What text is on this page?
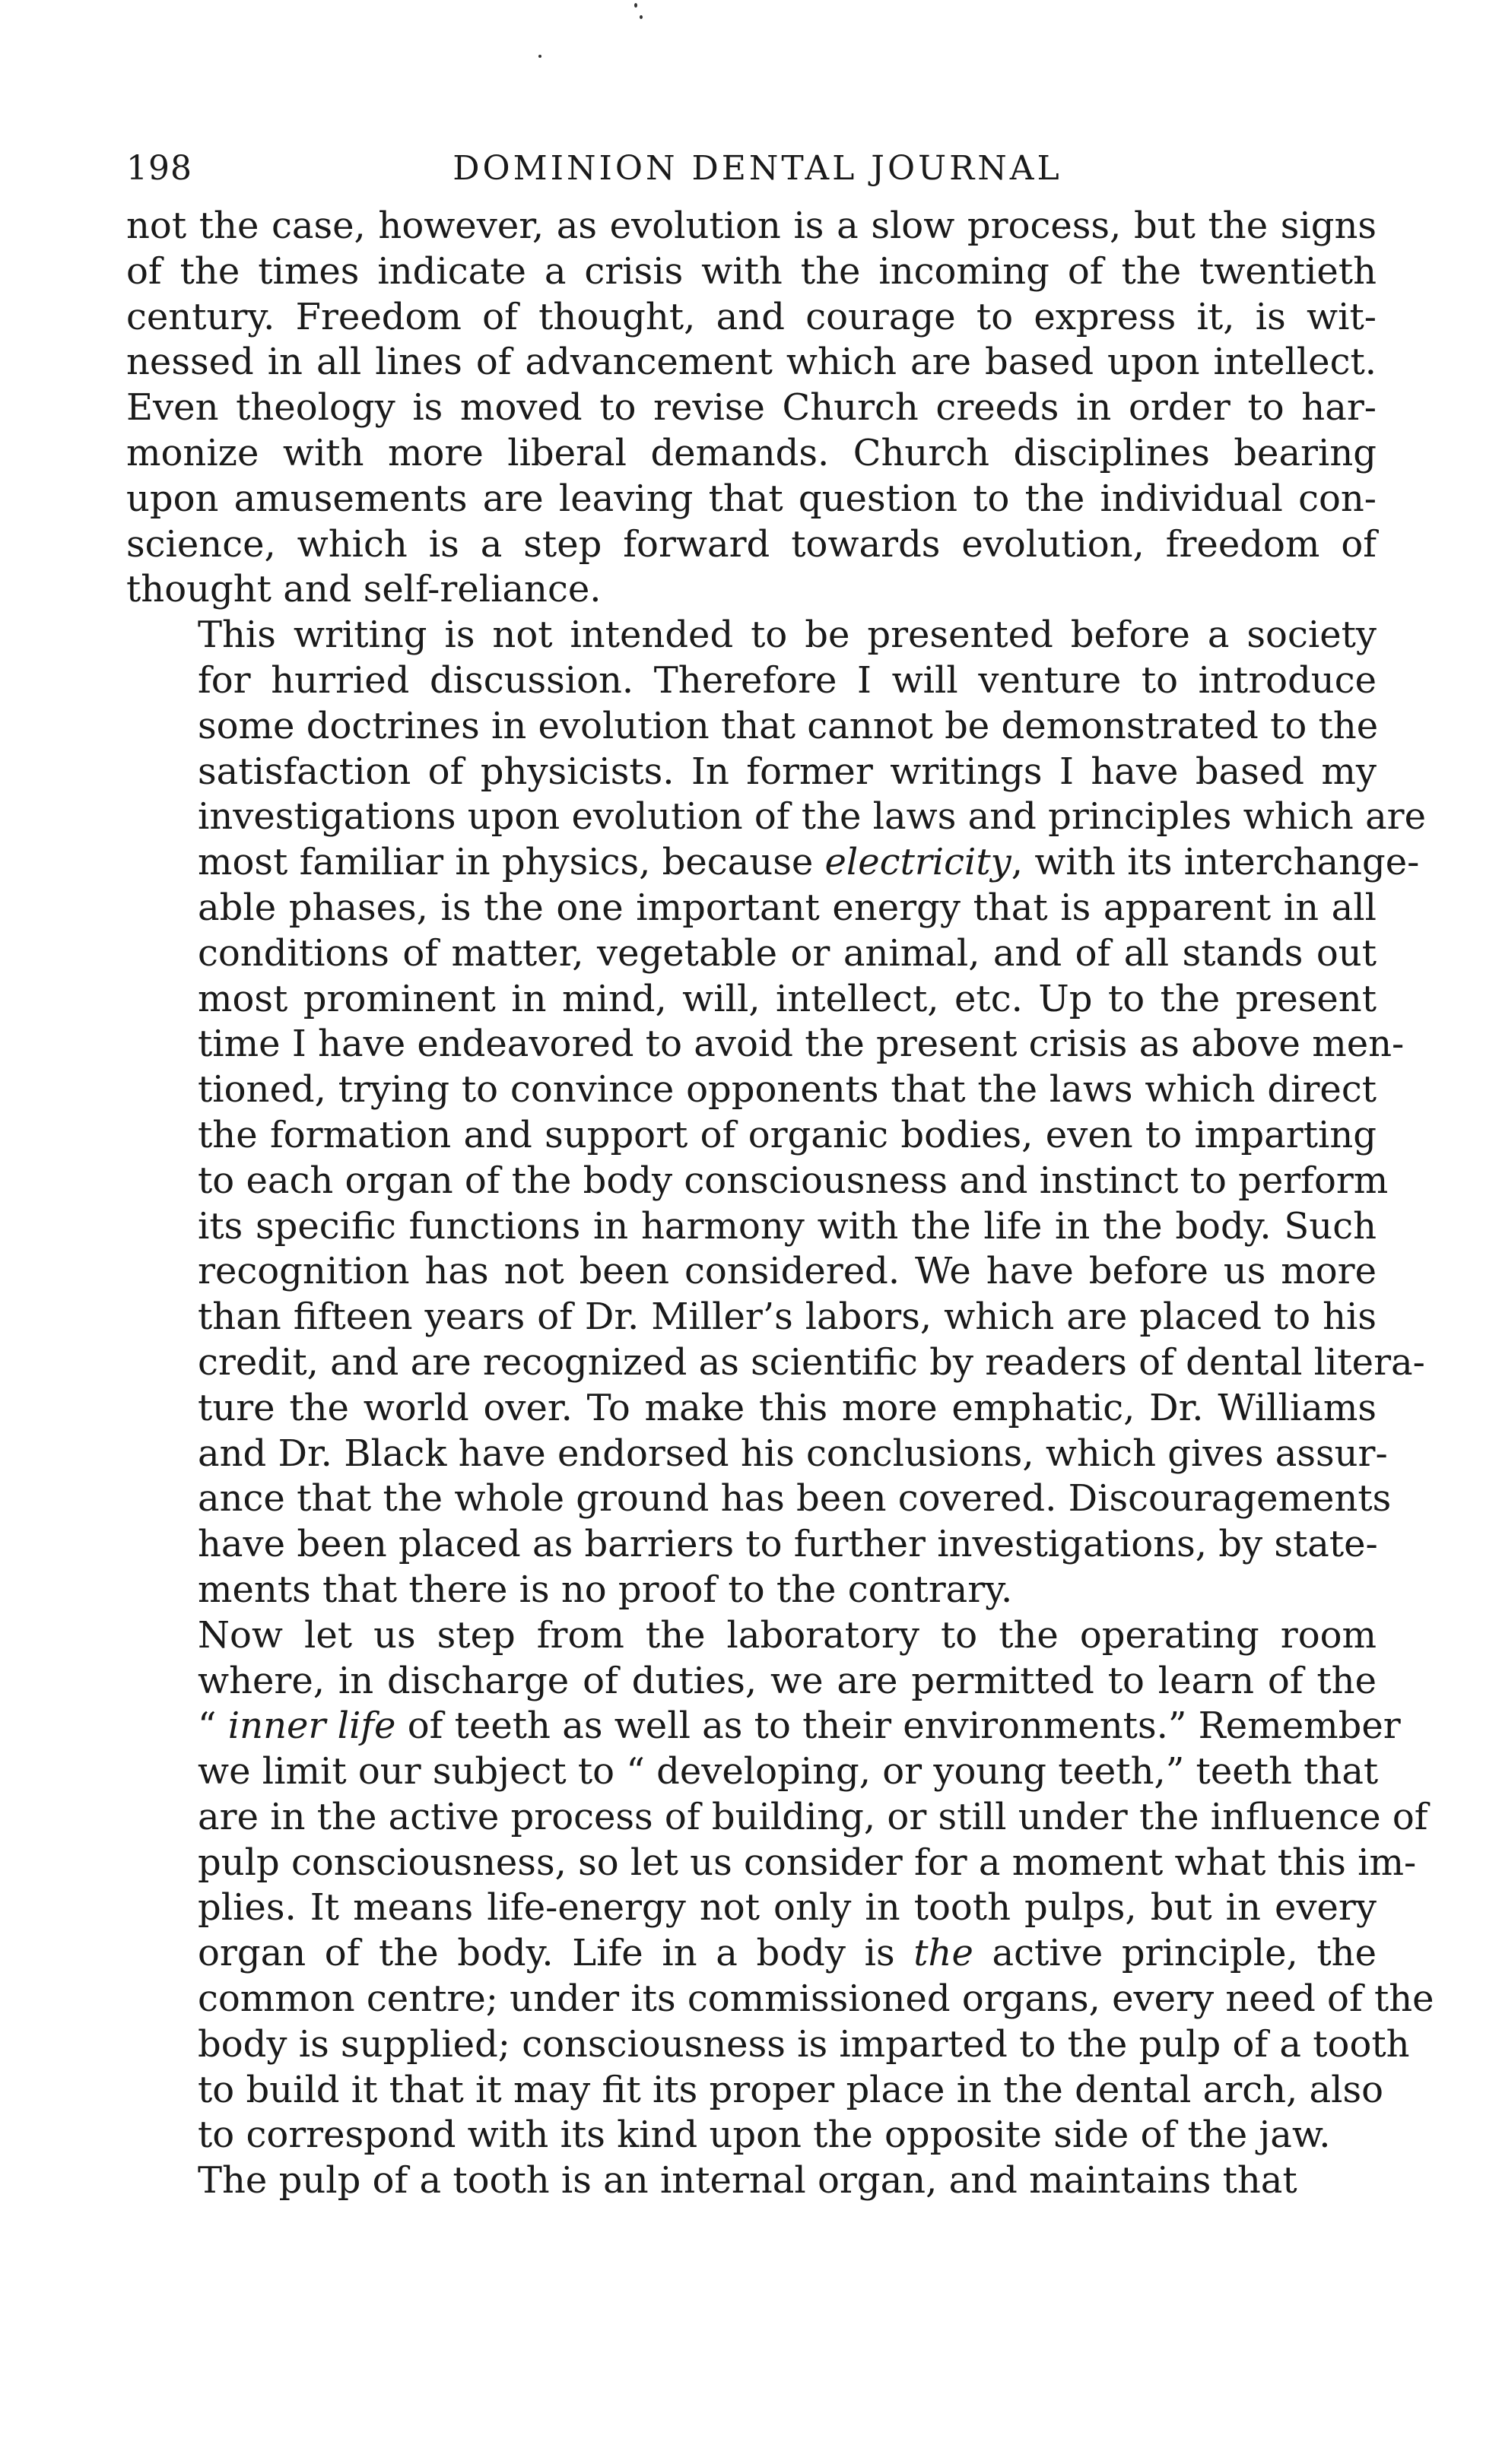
198	DOMINION DENTAL JOURNAL

not the case, however, as evolution is a slow process, but the signs
of the times indicate a crisis with the incoming of the twentieth
century. Freedom of thought, and courage to express it, is wit-
nessed in all lines of advancement which are based upon intellect.
Even theology is moved to revise Church creeds in order to har-
monize with more liberal demands. Church disciplines bearing
upon amusements are leaving that question to the individual con-
science, which is a step forward towards evolution, freedom of
thought and self-reliance.

This writing is not intended to be presented before a society
for hurried discussion. Therefore I will venture to introduce
some doctrines in evolution that cannot be demonstrated to the
satisfaction of physicists. In former writings I have based my
investigations upon evolution of the laws and principles which are
most familiar in physics, because electricity, with its interchange-
able phases, is the one important energy that is apparent in all
conditions of matter, vegetable or animal, and of all stands out
most prominent in mind, will, intellect, etc. Up to the present
time I have endeavored to avoid the present crisis as above men-
tioned, trying to convince opponents that the laws which direct
the formation and support of organic bodies, even to imparting
to each organ of the body consciousness and instinct to perform
its specific functions in harmony with the life in the body. Such
recognition has not been considered. We have before us more
than fifteen years of Dr. Miller’s labors, which are placed to his
credit, and are recognized as scientific by readers of dental litera-
ture the world over. To make this more emphatic, Dr. Williams
and Dr. Black have endorsed his conclusions, which gives assur-
ance that the whole ground has been covered. Discouragements
have been placed as barriers to further investigations, by state-
ments that there is no proof to the contrary.

Now let us step from the laboratory to the operating room
where, in discharge of duties, we are permitted to learn of the
“ inner life of teeth as well as to their environments.” Remember
we limit our subject to “ developing, or young teeth,” teeth that
are in the active process of building, or still under the influence of
pulp consciousness, so let us consider for a moment what this im-
plies. It means life-energy not only in tooth pulps, but in every
organ of the body. Life in a body is the active principle, the
common centre; under its commissioned organs, every need of the
body is supplied; consciousness is imparted to the pulp of a tooth
to build it that it may fit its proper place in the dental arch, also
to correspond with its kind upon the opposite side of the jaw.

The pulp of a tooth is an internal organ, and maintains that
